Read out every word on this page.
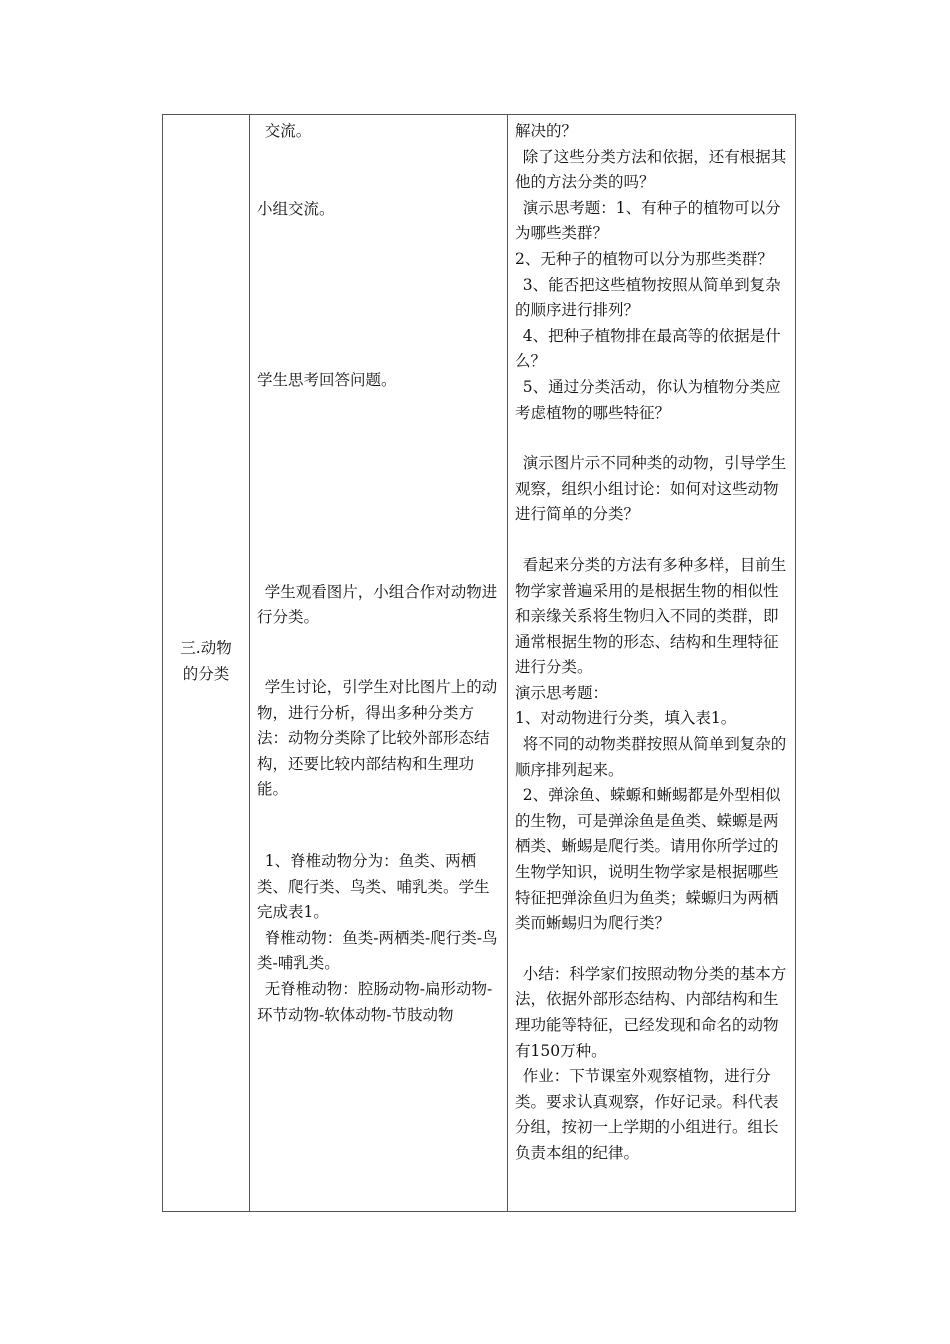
三.动物的分类
交流。
小组交流。
学生思考回答问题。
学生观看图片，小组合作对动物进行分类。
学生讨论，引学生对比图片上的动物，进行分析，得出多种分类方法：动物分类除了比较外部形态结构，还要比较内部结构和生理功能。
1、脊椎动物分为：鱼类、两栖类、爬行类、鸟类、哺乳类。学生完成表1。
脊椎动物：鱼类-两栖类-爬行类-鸟类-哺乳类。
无脊椎动物：腔肠动物-扁形动物-环节动物-软体动物-节肢动物
解决的？
除了这些分类方法和依据，还有根据其他的方法分类的吗？
演示思考题：1、有种子的植物可以分为哪些类群？
2、无种子的植物可以分为那些类群？
3、能否把这些植物按照从简单到复杂的顺序进行排列？
4、把种子植物排在最高等的依据是什么？
5、通过分类活动，你认为植物分类应考虑植物的哪些特征？
演示图片示不同种类的动物，引导学生观察，组织小组讨论：如何对这些动物进行简单的分类？
看起来分类的方法有多种多样，目前生物学家普遍采用的是根据生物的相似性和亲缘关系将生物归入不同的类群，即通常根据生物的形态、结构和生理特征进行分类。
演示思考题：
1、对动物进行分类，填入表1。
将不同的动物类群按照从简单到复杂的顺序排列起来。
2、弹涂鱼、蝾螈和蜥蜴都是外型相似的生物，可是弹涂鱼是鱼类、蝾螈是两栖类、蜥蜴是爬行类。请用你所学过的生物学知识，说明生物学家是根据哪些特征把弹涂鱼归为鱼类；蝾螈归为两栖类而蜥蜴归为爬行类？
小结：科学家们按照动物分类的基本方法，依据外部形态结构、内部结构和生理功能等特征，已经发现和命名的动物有150万种。
作业：下节课室外观察植物，进行分类。要求认真观察，作好记录。科代表分组，按初一上学期的小组进行。组长负责本组的纪律。
